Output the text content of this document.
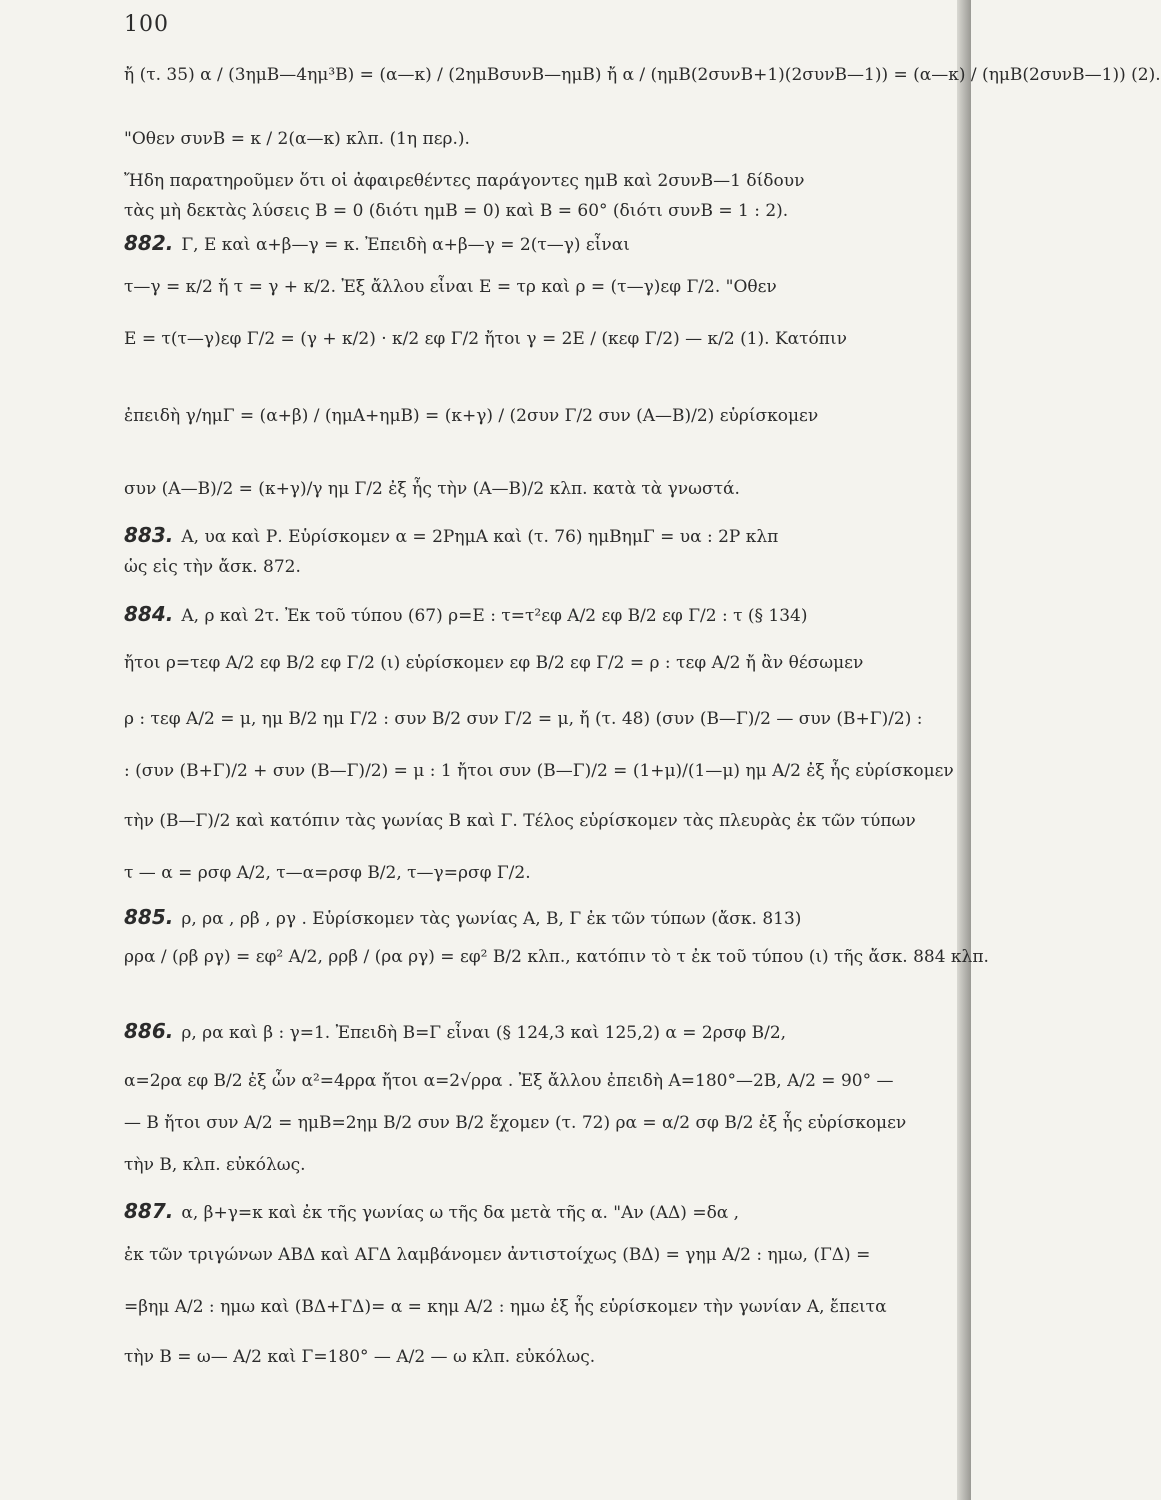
100
ἤ (τ. 35) α / (3ημΒ—4ημ³Β) = (α—κ) / (2ημΒσυνΒ—ημΒ) ἤ α / (ημΒ(2συνΒ+1)(2συνΒ—1)) = (α—κ) / (ημΒ(2συνΒ—1)) (2).
"Οθεν συνΒ = κ / 2(α—κ) κλπ. (1η περ.).
Ἤδη παρατηροῦμεν ὅτι οἱ ἀφαιρεθέντες παράγοντες ημΒ καὶ 2συνΒ—1 δίδουν
τὰς μὴ δεκτὰς λύσεις Β = 0 (διότι ημΒ = 0) καὶ Β = 60° (διότι συνΒ = 1 : 2).
882. Γ, Ε καὶ α+β—γ = κ. Ἐπειδὴ α+β—γ = 2(τ—γ) εἶναι
τ—γ = κ/2 ἤ τ = γ + κ/2. Ἐξ ἄλλου εἶναι Ε = τρ καὶ ρ = (τ—γ)εφ Γ/2. "Οθεν
Ε = τ(τ—γ)εφ Γ/2 = (γ + κ/2) · κ/2 εφ Γ/2 ἤτοι γ = 2Ε / (κεφ Γ/2) — κ/2 (1). Κατόπιν
ἐπειδὴ γ/ημΓ = (α+β) / (ημΑ+ημΒ) = (κ+γ) / (2συν Γ/2 συν (Α—Β)/2) εὑρίσκομεν
συν (Α—Β)/2 = (κ+γ)/γ ημ Γ/2 ἐξ ἧς τὴν (Α—Β)/2 κλπ. κατὰ τὰ γνωστά.
883. Α, υα καὶ Ρ. Εὑρίσκομεν α = 2ΡημΑ καὶ (τ. 76) ημΒημΓ = υα : 2Ρ κλπ
ὡς εἰς τὴν ἄσκ. 872.
884. Α, ρ καὶ 2τ. Ἐκ τοῦ τύπου (67) ρ=Ε : τ=τ²εφ Α/2 εφ Β/2 εφ Γ/2 : τ (§ 134)
ἤτοι ρ=τεφ Α/2 εφ Β/2 εφ Γ/2 (ι) εὑρίσκομεν εφ Β/2 εφ Γ/2 = ρ : τεφ Α/2 ἤ ἂν θέσωμεν
ρ : τεφ Α/2 = μ, ημ Β/2 ημ Γ/2 : συν Β/2 συν Γ/2 = μ, ἤ (τ. 48) (συν (Β—Γ)/2 — συν (Β+Γ)/2) :
: (συν (Β+Γ)/2 + συν (Β—Γ)/2) = μ : 1 ἤτοι συν (Β—Γ)/2 = (1+μ)/(1—μ) ημ Α/2 ἐξ ἧς εὑρίσκομεν
τὴν (Β—Γ)/2 καὶ κατόπιν τὰς γωνίας Β καὶ Γ. Τέλος εὑρίσκομεν τὰς πλευρὰς ἐκ τῶν τύπων
τ — α = ρσφ Α/2, τ—α=ρσφ Β/2, τ—γ=ρσφ Γ/2.
885. ρ, ρα , ρβ , ργ . Εὑρίσκομεν τὰς γωνίας Α, Β, Γ ἐκ τῶν τύπων (ἄσκ. 813)
ρρα / (ρβ ργ) = εφ² Α/2, ρρβ / (ρα ργ) = εφ² Β/2 κλπ., κατόπιν τὸ τ ἐκ τοῦ τύπου (ι) τῆς ἄσκ. 884 κλπ.
886. ρ, ρα καὶ β : γ=1. Ἐπειδὴ Β=Γ εἶναι (§ 124,3 καὶ 125,2) α = 2ρσφ Β/2,
α=2ρα εφ Β/2 ἐξ ὧν α²=4ρρα ἤτοι α=2√ρρα . Ἐξ ἄλλου ἐπειδὴ Α=180°—2Β, Α/2 = 90° —
— Β ἤτοι συν Α/2 = ημΒ=2ημ Β/2 συν Β/2 ἔχομεν (τ. 72) ρα = α/2 σφ Β/2 ἐξ ἧς εὑρίσκομεν
τὴν Β, κλπ. εὐκόλως.
887. α, β+γ=κ καὶ ἐκ τῆς γωνίας ω τῆς δα μετὰ τῆς α. "Αν (ΑΔ) =δα ,
ἐκ τῶν τριγώνων ΑΒΔ καὶ ΑΓΔ λαμβάνομεν ἀντιστοίχως (ΒΔ) = γημ Α/2 : ημω, (ΓΔ) =
=βημ Α/2 : ημω καὶ (ΒΔ+ΓΔ)= α = κημ Α/2 : ημω ἐξ ἧς εὑρίσκομεν τὴν γωνίαν Α, ἔπειτα
τὴν Β = ω— Α/2 καὶ Γ=180° — Α/2 — ω κλπ. εὐκόλως.
